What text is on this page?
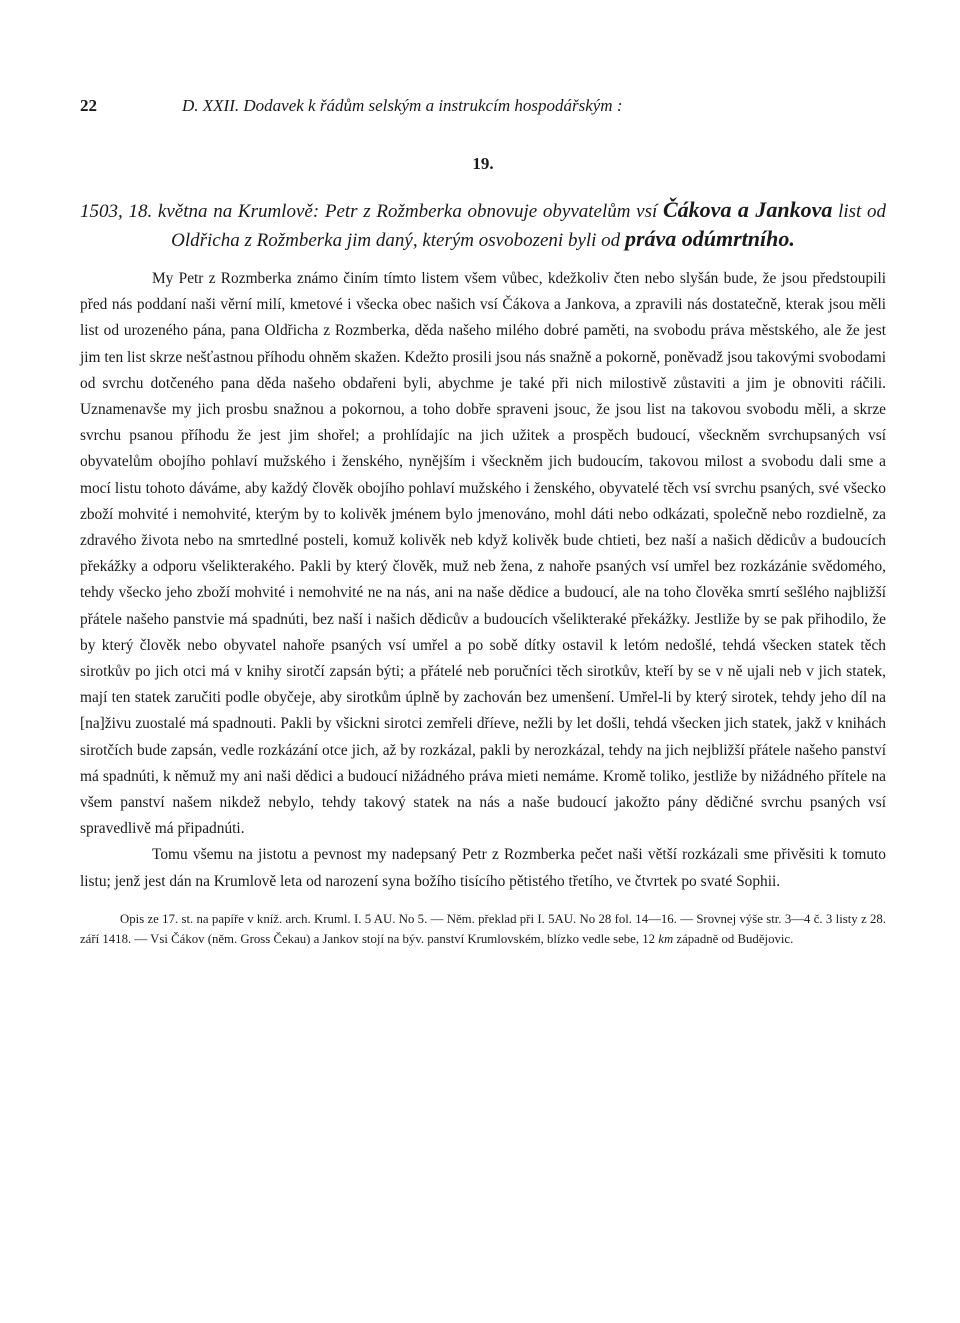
22	D. XXII. Dodavek k řádům selským a instrukcím hospodářským :
19.
1503, 18. května na Krumlově: Petr z Rožmberka obnovuje obyvatelům vsí Čákova a Jankova list od Oldřicha z Rožmberka jim daný, kterým osvobozeni byli od práva odúmrtního.

My Petr z Rozmberka známo činím tímto listem všem vůbec, kdežkoliv čten nebo slyšán bude, že jsou předstoupili před nás poddaní naši věrní milí, kmetové i všecka obec našich vsí Čákova a Jankova, a zpravili nás dostatečně, kterak jsou měli list od urozeného pána, pana Oldřicha z Rozmberka, děda našeho milého dobré paměti, na svobodu práva městského, ale že jest jim ten list skrze nešťastnou příhodu ohněm skažen. Kdežto prosili jsou nás snažně a pokorně, poněvadž jsou takovými svobodami od svrchu dotčeného pana děda našeho obdařeni byli, abychme je také při nich milostivě zůstaviti a jim je obnoviti ráčili. Uznamenavše my jich prosbu snažnou a pokornou, a toho dobře spraveni jsouc, že jsou list na takovou svobodu měli, a skrze svrchu psanou příhodu že jest jim shořel; a prohlídajíc na jich užitek a prospěch budoucí, všeckněm svrchupsaných vsí obyvatelům obojího pohlaví mužského i ženského, nynějším i všeckněm jich budoucím, takovou milost a svobodu dali sme a mocí listu tohoto dáváme, aby každý člověk obojího pohlaví mužského i ženského, obyvatelé těch vsí svrchu psaných, své všecko zboží mohvité i nemohvité, kterým by to kolivěk jménem bylo jmenováno, mohl dáti nebo odkázati, společně nebo rozdielně, za zdravého života nebo na smrtedlné posteli, komuž kolivěk neb když kolivěk bude chtieti, bez naší a našich dědicův a budoucích překážky a odporu všelikterakého. Pakli by který člověk, muž neb žena, z nahoře psaných vsí umřel bez rozkázánie svědomého, tehdy všecko jeho zboží mohvité i nemohvité ne na nás, ani na naše dědice a budoucí, ale na toho člověka smrtí sešlého najbližší přátele našeho panstvie má spadnúti, bez naší i našich dědicův a budoucích všelikteraké překážky. Jestliže by se pak přihodilo, že by který člověk nebo obyvatel nahoře psaných vsí umřel a po sobě dítky ostavil k letóm nedošlé, tehdá všecken statek těch sirotkův po jich otci má v knihy sirotčí zapsán býti; a přátelé neb poručníci těch sirotkův, kteří by se v ně ujali neb v jich statek, mají ten statek zaručiti podle obyčeje, aby sirotkům úplně by zachován bez umenšení. Umřel-li by který sirotek, tehdy jeho díl na [na]živu zuostalé má spadnouti. Pakli by všickni sirotci zemřeli dříeve, nežli by let došli, tehdá všecken jich statek, jakž v knihách sirotčích bude zapsán, vedle rozkázání otce jich, až by rozkázal, pakli by nerozkázal, tehdy na jich nejbližší přátele našeho panství má spadnúti, k němuž my ani naši dědici a budoucí nižádného práva mieti nemáme. Kromě toliko, jestliže by nižádného přítele na všem panství našem nikdež nebylo, tehdy takový statek na nás a naše budoucí jakožto pány dědičné svrchu psaných vsí spravedlivě má připadnúti.

Tomu všemu na jistotu a pevnost my nadepsaný Petr z Rozmberka pečet naši větší rozkázali sme přivěsiti k tomuto listu; jenž jest dán na Krumlově leta od narození syna božího tisícího pětistého třetího, ve čtvrtek po svaté Sophii.

Opis ze 17. st. na papíře v kníž. arch. Kruml. I. 5 AU. No 5. — Něm. překlad při I. 5AU. No 28 fol. 14—16. — Srovnej výše str. 3—4 č. 3 listy z 28. září 1418. — Vsi Čákov (něm. Gross Čekau) a Jankov stojí na býv. panství Krumlovském, blízko vedle sebe, 12 km západně od Budějovic.
